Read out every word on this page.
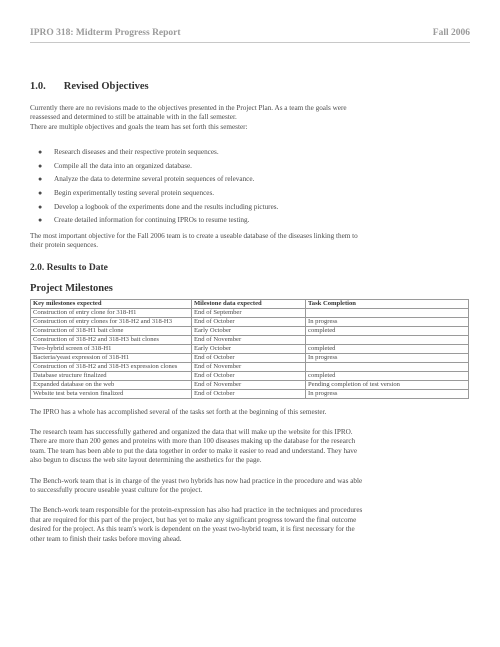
IPRO 318: Midterm Progress Report	Fall 2006
1.0. Revised Objectives

Currently there are no revisions made to the objectives presented in the Project Plan. As a team the goals were
reassessed and determined to still be attainable with in the fall semester.
There are multiple objectives and goals the team has set forth this semester:

●	Research diseases and their respective protein sequences.
●	Compile all the data into an organized database.
●	Analyze the data to determine several protein sequences of relevance.
●	Begin experimentally testing several protein sequences.
●	Develop a logbook of the experiments done and the results including pictures.
●	Create detailed information for continuing IPROs to resume testing.

The most important objective for the Fall 2006 team is to create a useable database of the diseases linking them to
their protein sequences.

2.0. Results to Date
Project Milestones
Key milestones expected	Milestone data expected	Task Completion
Construction of entry clone for 318-H1	End of September	
Construction of entry clones for 318-H2 and 318-H3	End of October	In progress
Construction of 318-H1 bait clone	Early October	completed
Construction of 318-H2 and 318-H3 bait clones	End of November	
Two-hybrid screen of 318-H1	Early October	completed
Bacteria/yeast expression of 318-H1	End of October	In progress
Construction of 318-H2 and 318-H3 expression clones	End of November	
Database structure finalized	End of October	completed
Expanded database on the web	End of November	Pending completion of test version
Website test beta version finalized	End of October	In progress

The IPRO has a whole has accomplished several of the tasks set forth at the beginning of this semester.

The research team has successfully gathered and organized the data that will make up the website for this IPRO.
There are more than 200 genes and proteins with more than 100 diseases making up the database for the research
team. The team has been able to put the data together in order to make it easier to read and understand. They have
also begun to discuss the web site layout determining the aesthetics for the page.

The Bench-work team that is in charge of the yeast two hybrids has now had practice in the procedure and was able
to successfully procure useable yeast culture for the project.

The Bench-work team responsible for the protein-expression has also had practice in the techniques and procedures
that are required for this part of the project, but has yet to make any significant progress toward the final outcome
desired for the project. As this team's work is dependent on the yeast two-hybrid team, it is first necessary for the
other team to finish their tasks before moving ahead.
